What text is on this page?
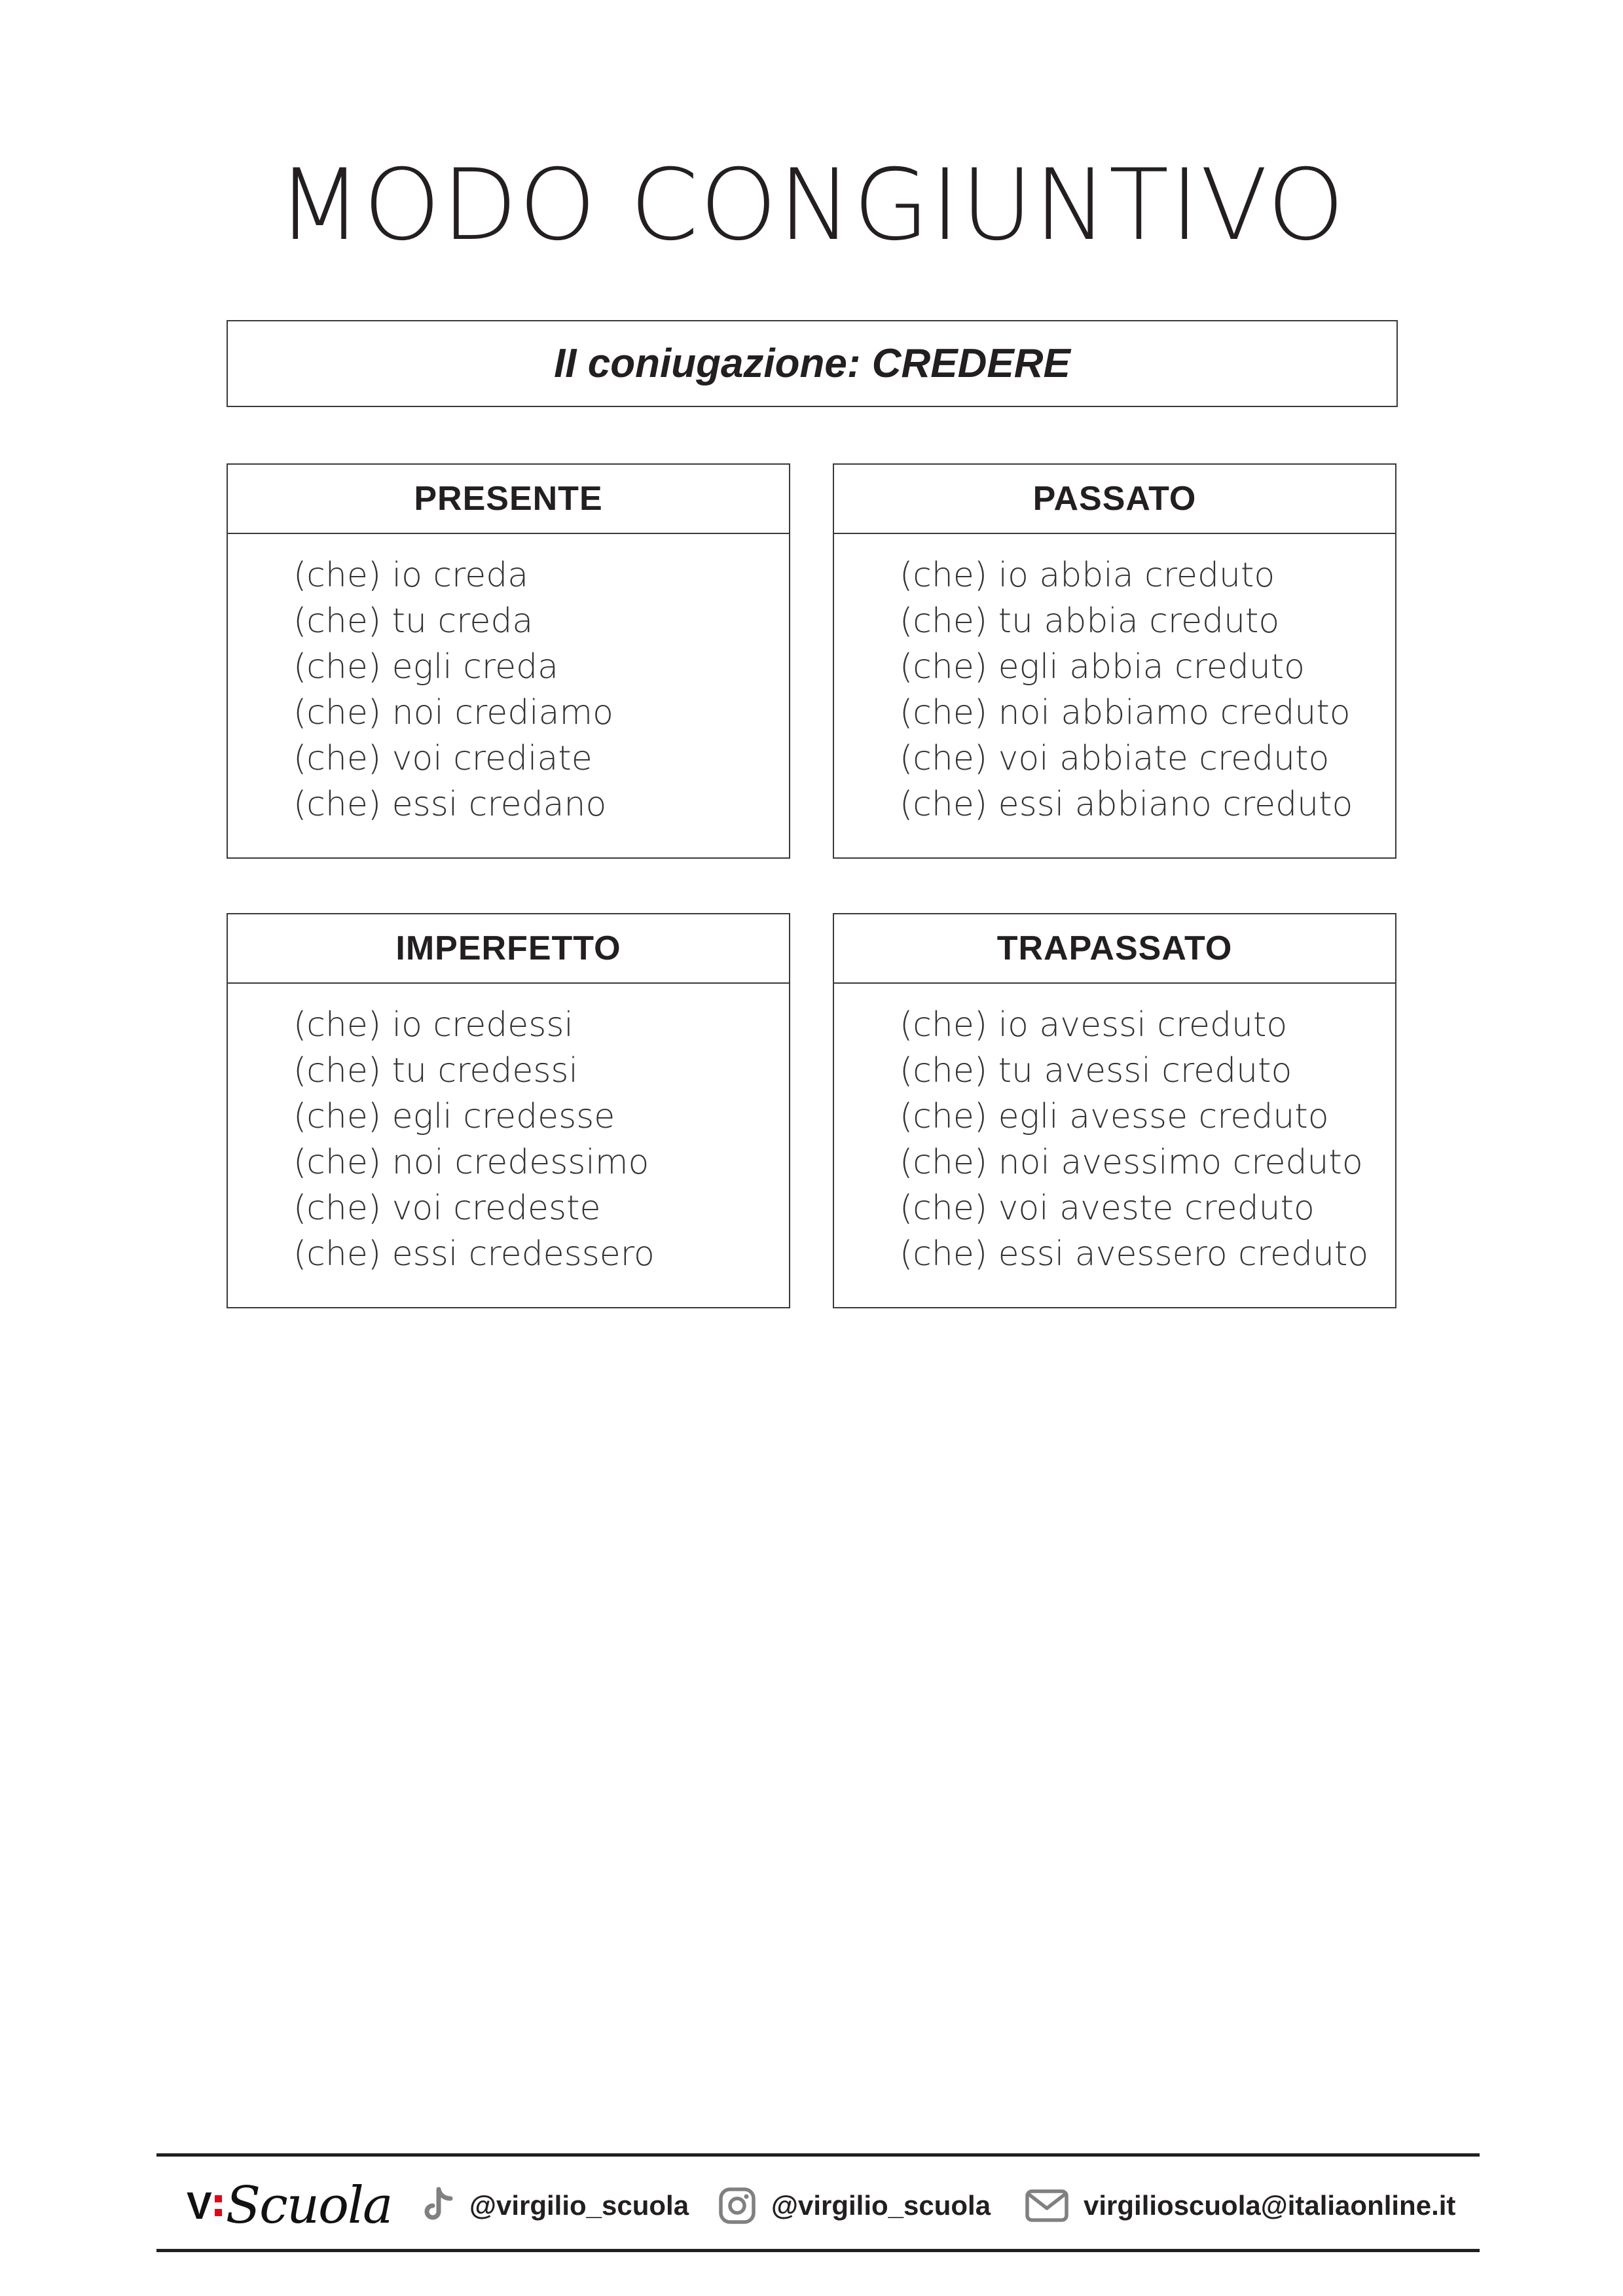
MODO CONGIUNTIVO
II coniugazione: CREDERE
PRESENTE
(che) io creda
(che) tu creda
(che) egli creda
(che) noi crediamo
(che) voi crediate
(che) essi credano
PASSATO
(che) io abbia creduto
(che) tu abbia creduto
(che) egli abbia creduto
(che) noi abbiamo creduto
(che) voi abbiate creduto
(che) essi abbiano creduto
IMPERFETTO
(che) io credessi
(che) tu credessi
(che) egli credesse
(che) noi credessimo
(che) voi credeste
(che) essi credessero
TRAPASSATO
(che) io avessi creduto
(che) tu avessi creduto
(che) egli avesse creduto
(che) noi avessimo creduto
(che) voi aveste creduto
(che) essi avessero creduto
V Scuola	@virgilio_scuola	@virgilio_scuola	virgilioscuola@italiaonline.it
